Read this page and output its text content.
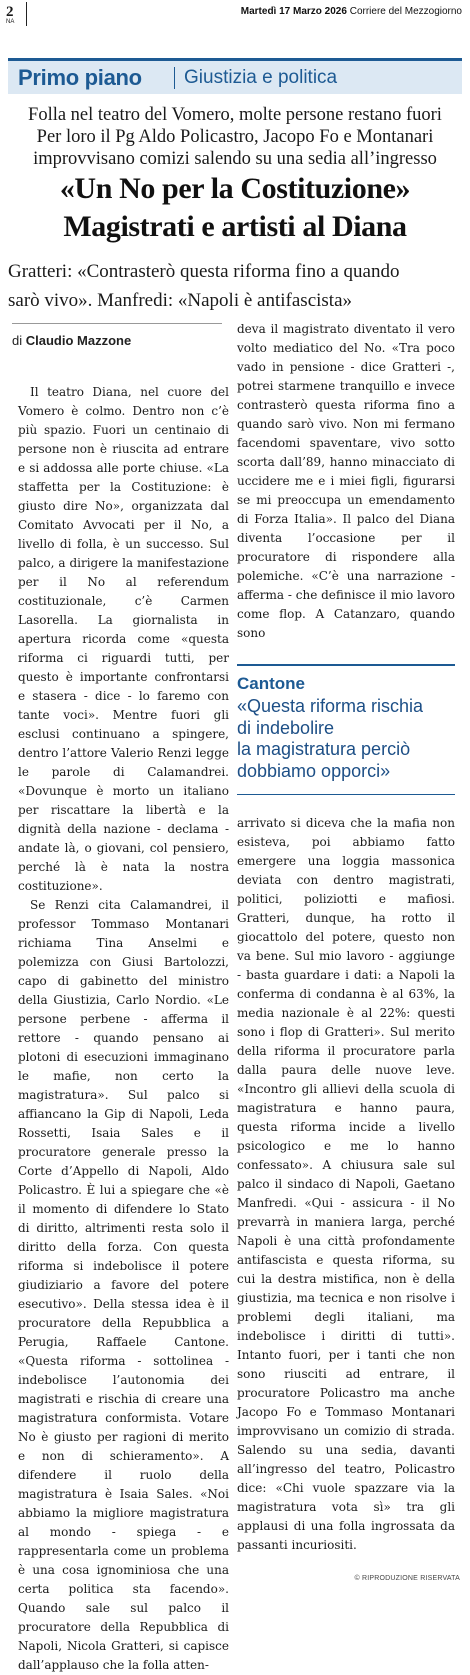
2
NA
Martedì 17 Marzo 2026 Corriere del Mezzogiorno
Primo piano Giustizia e politica
Folla nel teatro del Vomero, molte persone restano fuori
Per loro il Pg Aldo Policastro, Jacopo Fo e Montanari
improvvisano comizi salendo su una sedia all’ingresso
«Un No per la Costituzione»
Magistrati e artisti al Diana
Gratteri: «Contrasterò questa riforma fino a quando
sarò vivo». Manfredi: «Napoli è antifascista»
di Claudio Mazzone

Il teatro Diana, nel cuore del Vomero è colmo. Dentro non c’è più spazio. Fuori un centinaio di persone non è riuscita ad entrare e si addossa alle porte chiuse. «La staffetta per la Costituzione: è giusto dire No», organizzata dal Comitato Avvocati per il No, a livello di folla, è un successo. Sul palco, a dirigere la manifestazione per il No al referendum costituzionale, c’è Carmen Lasorella. La giornalista in apertura ricorda come «questa riforma ci riguardi tutti, per questo è importante confrontarsi e stasera - dice - lo faremo con tante voci». Mentre fuori gli esclusi continuano a spingere, dentro l’attore Valerio Renzi legge le parole di Calamandrei. «Dovunque è morto un italiano per riscattare la libertà e la dignità della nazione - declama - andate là, o giovani, col pensiero, perché là è nata la nostra costituzione».

Se Renzi cita Calamandrei, il professor Tommaso Montanari richiama Tina Anselmi e polemizza con Giusi Bartolozzi, capo di gabinetto del ministro della Giustizia, Carlo Nordio. «Le persone perbene - afferma il rettore - quando pensano ai plotoni di esecuzioni immaginano le mafie, non certo la magistratura». Sul palco si affiancano la Gip di Napoli, Leda Rossetti, Isaia Sales e il procuratore generale presso la Corte d’Appello di Napoli, Aldo Policastro. È lui a spiegare che «è il momento di difendere lo Stato di diritto, altrimenti resta solo il diritto della forza. Con questa riforma si indebolisce il potere giudiziario a favore del potere esecutivo». Della stessa idea è il procuratore della Repubblica a Perugia, Raffaele Cantone. «Questa riforma - sottolinea - indebolisce l’autonomia dei magistrati e rischia di creare una magistratura conformista. Votare No è giusto per ragioni di merito e non di schieramento». A difendere il ruolo della magistratura è Isaia Sales. «Noi abbiamo la migliore magistratura al mondo - spiega - e rappresentarla come un problema è una cosa ignominiosa che una certa politica sta facendo». Quando sale sul palco il procuratore della Repubblica di Napoli, Nicola Gratteri, si capisce dall’applauso che la folla atten-

deva il magistrato diventato il vero volto mediatico del No. «Tra poco vado in pensione - dice Gratteri -, potrei starmene tranquillo e invece contrasterò questa riforma fino a quando sarò vivo. Non mi fermano facendomi spaventare, vivo sotto scorta dall’89, hanno minacciato di uccidere me e i miei figli, figurarsi se mi preoccupa un emendamento di Forza Italia». Il palco del Diana diventa l’occasione per il procuratore di rispondere alla polemiche. «C’è una narrazione - afferma - che definisce il mio lavoro come flop. A Catanzaro, quando sono

Cantone
«Questa riforma rischia
di indebolire
la magistratura perciò
dobbiamo opporci»

arrivato si diceva che la mafia non esisteva, poi abbiamo fatto emergere una loggia massonica deviata con dentro magistrati, politici, poliziotti e mafiosi. Gratteri, dunque, ha rotto il giocattolo del potere, questo non va bene. Sul mio lavoro - aggiunge - basta guardare i dati: a Napoli la conferma di condanna è al 63%, la media nazionale è al 22%: questi sono i flop di Gratteri». Sul merito della riforma il procuratore parla dalla paura delle nuove leve. «Incontro gli allievi della scuola di magistratura e hanno paura, questa riforma incide a livello psicologico e me lo hanno confessato». A chiusura sale sul palco il sindaco di Napoli, Gaetano Manfredi. «Qui - assicura - il No prevarrà in maniera larga, perché Napoli è una città profondamente antifascista e questa riforma, su cui la destra mistifica, non è della giustizia, ma tecnica e non risolve i problemi degli italiani, ma indebolisce i diritti di tutti». Intanto fuori, per i tanti che non sono riusciti ad entrare, il procuratore Policastro ma anche Jacopo Fo e Tommaso Montanari improvvisano un comizio di strada. Salendo su una sedia, davanti all’ingresso del teatro, Policastro dice: «Chi vuole spazzare via la magistratura vota sì» tra gli applausi di una folla ingrossata da passanti incuriositi.

© RIPRODUZIONE RISERVATA
